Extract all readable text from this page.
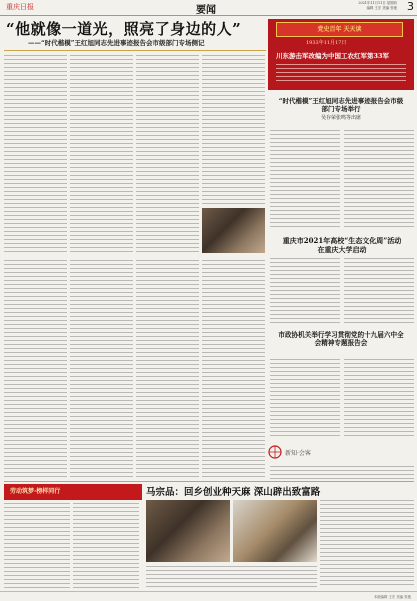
重庆日报	要闻
2021年11月11日 星期四
编辑 王宏 美编 张艳 3
“他就像一道光，照亮了身边的人”
——“时代楷模”王红旭同志先进事迹报告会市级部门专场侧记
党史百年 天天读
1933年11月17日
川东游击军改编为中国工农红军第33军
“时代楷模”王红旭同志先进事迹报告会市级部门专场举行
吴存荣张鸣等出席
重庆市2021年高校“生态文化周”活动在重庆大学启动
市政协机关举行学习贯彻党的十九届六中全会精神专题报告会
新知·会客
劳动筑梦·榜样同行	马宗品：回乡创业种天麻 深山辟出致富路
本版编辑 王宏 美编 张艳
